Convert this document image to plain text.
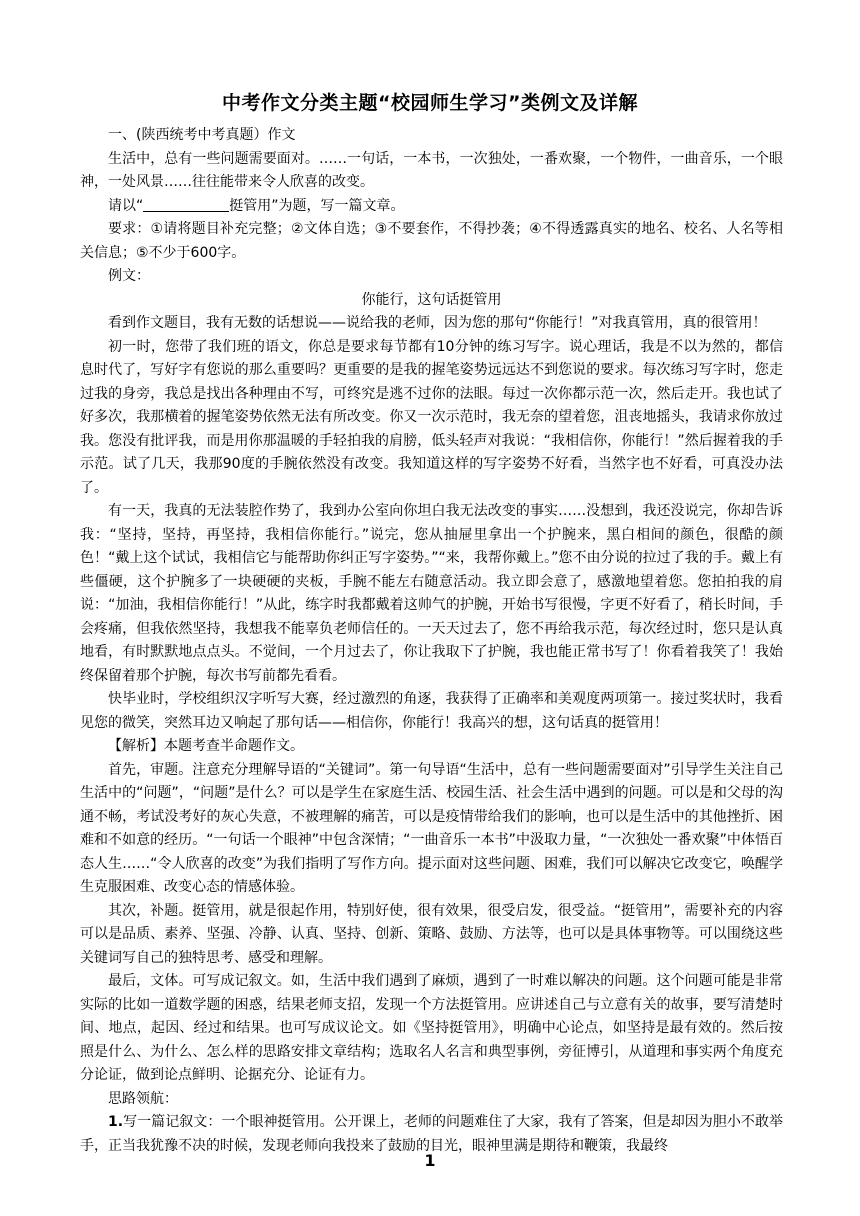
中考作文分类主题“校园师生学习”类例文及详解

一、(陕西统考中考真题）作文

生活中，总有一些问题需要面对。……一句话，一本书，一次独处，一番欢聚，一个物件，一曲音乐，一个眼神，一处风景……往往能带来令人欣喜的改变。

请以“	挺管用”为题，写一篇文章。

要求：①请将题目补充完整；②文体自选；③不要套作，不得抄袭；④不得透露真实的地名、校名、人名等相关信息；⑤不少于600字。

例文：

你能行，这句话挺管用

看到作文题目，我有无数的话想说——说给我的老师，因为您的那句“你能行！”对我真管用，真的很管用！

初一时，您带了我们班的语文，你总是要求每节都有10分钟的练习写字。说心理话，我是不以为然的，都信息时代了，写好字有您说的那么重要吗？更重要的是我的握笔姿势远远达不到您说的要求。每次练习写字时，您走过我的身旁，我总是找出各种理由不写，可终究是逃不过你的法眼。每过一次你都示范一次，然后走开。我也试了好多次，我那横着的握笔姿势依然无法有所改变。你又一次示范时，我无奈的望着您，沮丧地摇头，我请求你放过我。您没有批评我，而是用你那温暖的手轻拍我的肩膀，低头轻声对我说：“我相信你，你能行！”然后握着我的手示范。试了几天，我那90度的手腕依然没有改变。我知道这样的写字姿势不好看，当然字也不好看，可真没办法了。

有一天，我真的无法装腔作势了，我到办公室向你坦白我无法改变的事实……没想到，我还没说完，你却告诉我：“坚持，坚持，再坚持，我相信你能行。”说完，您从抽屉里拿出一个护腕来，黑白相间的颜色，很酷的颜色！“戴上这个试试，我相信它与能帮助你纠正写字姿势。”“来，我帮你戴上。”您不由分说的拉过了我的手。戴上有些僵硬，这个护腕多了一块硬硬的夹板，手腕不能左右随意活动。我立即会意了，感激地望着您。您拍拍我的肩说：“加油，我相信你能行！”从此，练字时我都戴着这帅气的护腕，开始书写很慢，字更不好看了，稍长时间，手会疼痛，但我依然坚持，我想我不能辜负老师信任的。一天天过去了，您不再给我示范，每次经过时，您只是认真地看，有时默默地点点头。不觉间，一个月过去了，你让我取下了护腕，我也能正常书写了！你看着我笑了！我始终保留着那个护腕，每次书写前都先看看。

快毕业时，学校组织汉字听写大赛，经过激烈的角逐，我获得了正确率和美观度两项第一。接过奖状时，我看见您的微笑，突然耳边又响起了那句话——相信你，你能行！我高兴的想，这句话真的挺管用！

【解析】本题考查半命题作文。

首先，审题。注意充分理解导语的“关键词”。第一句导语“生活中，总有一些问题需要面对”引导学生关注自己生活中的“问题”，“问题”是什么？可以是学生在家庭生活、校园生活、社会生活中遇到的问题。可以是和父母的沟通不畅，考试没考好的灰心失意，不被理解的痛苦，可以是疫情带给我们的影响，也可以是生活中的其他挫折、困难和不如意的经历。“一句话一个眼神”中包含深情；“一曲音乐一本书”中汲取力量，“一次独处一番欢聚”中体悟百态人生……“令人欣喜的改变”为我们指明了写作方向。提示面对这些问题、困难，我们可以解决它改变它，唤醒学生克服困难、改变心态的情感体验。

其次，补题。挺管用，就是很起作用，特别好使，很有效果，很受启发，很受益。“挺管用”，需要补充的内容可以是品质、素养、坚强、冷静、认真、坚持、创新、策略、鼓励、方法等，也可以是具体事物等。可以围绕这些关键词写自己的独特思考、感受和理解。

最后，文体。可写成记叙文。如，生活中我们遇到了麻烦，遇到了一时难以解决的问题。这个问题可能是非常实际的比如一道数学题的困惑，结果老师支招，发现一个方法挺管用。应讲述自己与立意有关的故事，要写清楚时间、地点，起因、经过和结果。也可写成议论文。如《坚持挺管用》，明确中心论点，如坚持是最有效的。然后按照是什么、为什么、怎么样的思路安排文章结构；选取名人名言和典型事例，旁征博引，从道理和事实两个角度充分论证，做到论点鲜明、论据充分、论证有力。

思路领航：

1.写一篇记叙文：一个眼神挺管用。公开课上，老师的问题难住了大家，我有了答案，但是却因为胆小不敢举手，正当我犹豫不决的时候，发现老师向我投来了鼓励的目光，眼神里满是期待和鞭策，我最终

1
